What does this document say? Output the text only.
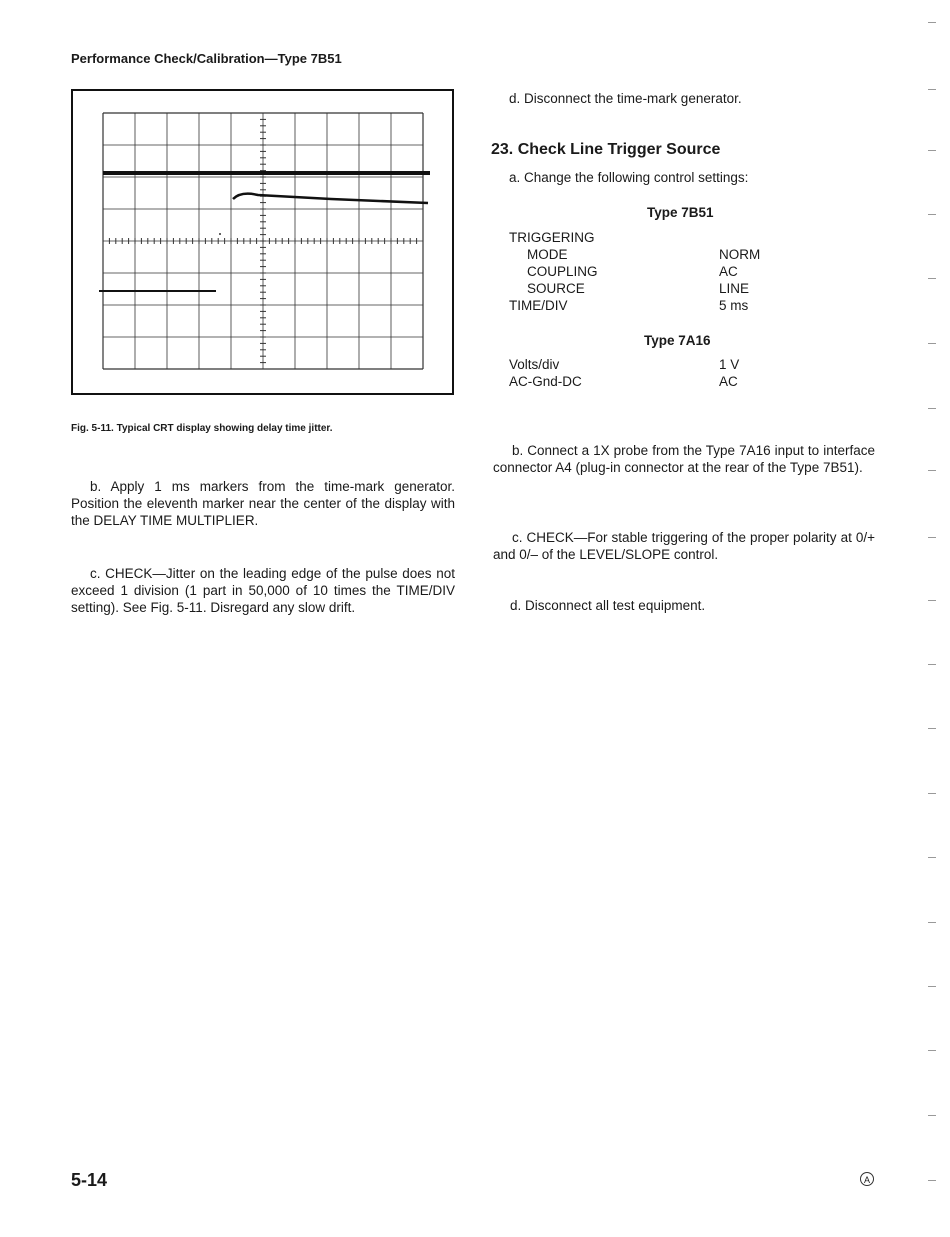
Performance Check/Calibration—Type 7B51
Fig. 5-11. Typical CRT display showing delay time jitter.
b. Apply 1 ms markers from the time-mark generator. Position the eleventh marker near the center of the display with the DELAY TIME MULTIPLIER.
c. CHECK—Jitter on the leading edge of the pulse does not exceed 1 division (1 part in 50,000 of 10 times the TIME/DIV setting). See Fig. 5-11. Disregard any slow drift.
d. Disconnect the time-mark generator.
23. Check Line Trigger Source
a. Change the following control settings:
Type 7B51
TRIGGERING
MODE	NORM
COUPLING	AC
SOURCE	LINE
TIME/DIV	5 ms
Type 7A16
Volts/div	1 V
AC-Gnd-DC	AC
b. Connect a 1X probe from the Type 7A16 input to interface connector A4 (plug-in connector at the rear of the Type 7B51).
c. CHECK—For stable triggering of the proper polarity at 0/+ and 0/– of the LEVEL/SLOPE control.
d. Disconnect all test equipment.
5-14	A
